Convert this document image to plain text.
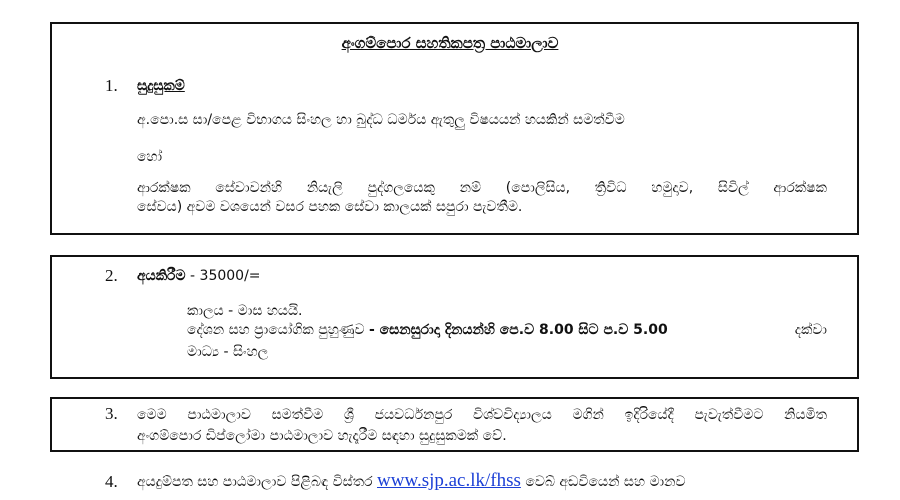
අංගම්පොර සහතිකපත්‍ර පාඨමාලාව
1. සුදුසුකම්
අ.පො.ස සා/පෙළ විභාගය සිංහල හා බුද්ධ ධර්මය ඇතුලු විෂයයන් හයකින් සමත්වීම
හෝ
ආරක්ෂක සේවාවන්හි නියැලි පුද්ගලයෙකු නම් (පොලිසිය, ත්‍රිවිධ හමුදාව, සිවිල් ආරක්ෂක
සේවය) අවම වශයෙන් වසර පහක සේවා කාලයක් සපුරා පැවතීම.
2. අයකිරීම - 35000/=
කාලය - මාස හයයි.
දේශන සහ ප්‍රායෝගික පුහුණුව - සෙනසුරාදා දිනයන්හි පෙ.ව 8.00 සිට ප.ව 5.00	දක්වා
මාධ්‍ය - සිංහල
3. මෙම පාඨමාලාව සමත්වීම ශ්‍රී ජයවර්ධනපුර විශ්වවිද්‍යාලය මගින් ඉදිරියේදී පැවැත්වීමට නියමිත
අංගම්පොර ඩිප්ලෝමා පාඨමාලාව හැදෑරීම සඳහා සුදුසුකමක් වේ.
4. අයදුම්පත සහ පාඨමාලාව පිළිබඳ විස්තර www.sjp.ac.lk/fhss වෙබ් අඩවියෙන් සහ මානව
